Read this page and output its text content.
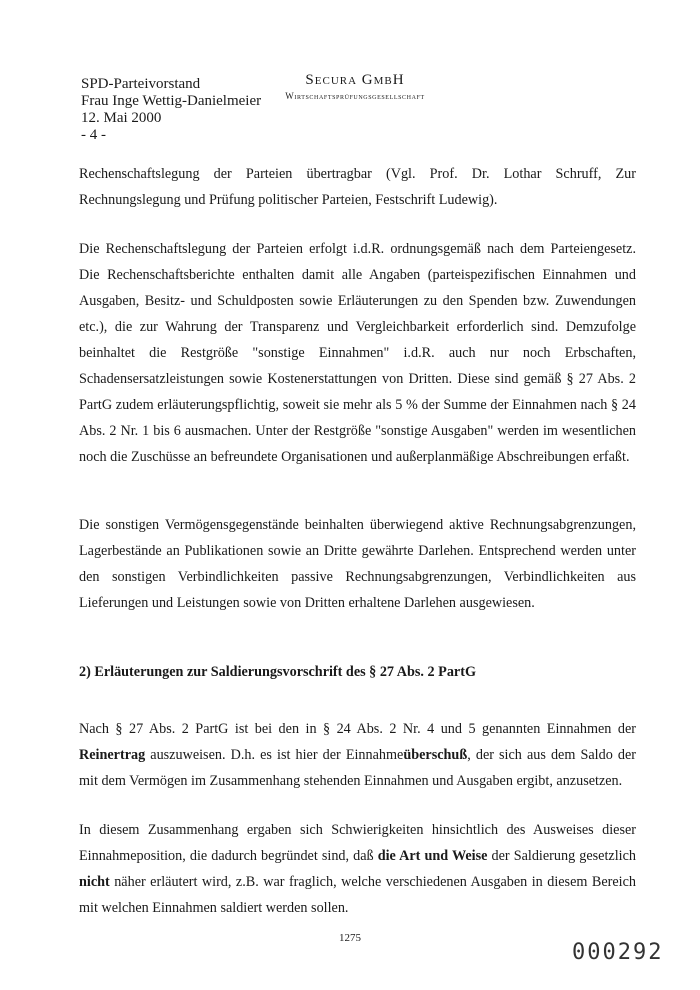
SPD-Parteivorstand
Frau Inge Wettig-Danielmeier
12. Mai 2000
- 4 -
Secura GmbH
Wirtschaftsprüfungsgesellschaft
Rechenschaftslegung der Parteien übertragbar (Vgl. Prof. Dr. Lothar Schruff, Zur Rechnungslegung und Prüfung politischer Parteien, Festschrift Ludewig).
Die Rechenschaftslegung der Parteien erfolgt i.d.R. ordnungsgemäß nach dem Parteiengesetz. Die Rechenschaftsberichte enthalten damit alle Angaben (parteispezifischen Einnahmen und Ausgaben, Besitz- und Schuldposten sowie Erläuterungen zu den Spenden bzw. Zuwendungen etc.), die zur Wahrung der Transparenz und Vergleichbarkeit erforderlich sind. Demzufolge beinhaltet die Restgröße "sonstige Einnahmen" i.d.R. auch nur noch Erbschaften, Schadensersatzleistungen sowie Kostenerstattungen von Dritten. Diese sind gemäß § 27 Abs. 2 PartG zudem erläuterungspflichtig, soweit sie mehr als 5 % der Summe der Einnahmen nach § 24 Abs. 2 Nr. 1 bis 6 ausmachen. Unter der Restgröße "sonstige Ausgaben" werden im wesentlichen noch die Zuschüsse an befreundete Organisationen und außerplanmäßige Abschreibungen erfaßt.
Die sonstigen Vermögensgegenstände beinhalten überwiegend aktive Rechnungsabgrenzungen, Lagerbestände an Publikationen sowie an Dritte gewährte Darlehen. Entsprechend werden unter den sonstigen Verbindlichkeiten passive Rechnungsabgrenzungen, Verbindlichkeiten aus Lieferungen und Leistungen sowie von Dritten erhaltene Darlehen ausgewiesen.
2) Erläuterungen zur Saldierungsvorschrift des § 27 Abs. 2 PartG
Nach § 27 Abs. 2 PartG ist bei den in § 24 Abs. 2 Nr. 4 und 5 genannten Einnahmen der Reinertrag auszuweisen. D.h. es ist hier der Einnahmeüberschuß, der sich aus dem Saldo der mit dem Vermögen im Zusammenhang stehenden Einnahmen und Ausgaben ergibt, anzusetzen.
In diesem Zusammenhang ergaben sich Schwierigkeiten hinsichtlich des Ausweises dieser Einnahmeposition, die dadurch begründet sind, daß die Art und Weise der Saldierung gesetzlich nicht näher erläutert wird, z.B. war fraglich, welche verschiedenen Ausgaben in diesem Bereich mit welchen Einnahmen saldiert werden sollen.
1275
000292
